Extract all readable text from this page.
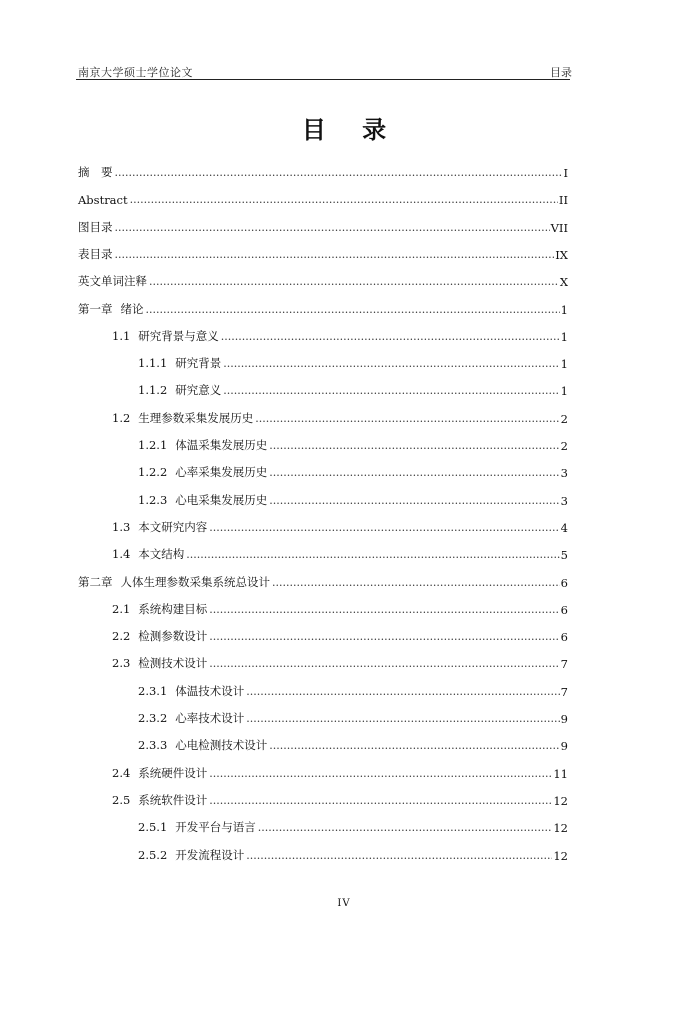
南京大学硕士学位论文	目录
目 录
摘　要 .....	I
Abstract .....	II
图目录 .....	VII
表目录 .....	IX
英文单词注释 .....	X
第一章 绪论 .....	1
1.1 研究背景与意义 .....	1
1.1.1 研究背景 .....	1
1.1.2 研究意义 .....	1
1.2 生理参数采集发展历史 .....	2
1.2.1 体温采集发展历史 .....	2
1.2.2 心率采集发展历史 .....	3
1.2.3 心电采集发展历史 .....	3
1.3 本文研究内容 .....	4
1.4 本文结构 .....	5
第二章 人体生理参数采集系统总设计 .....	6
2.1 系统构建目标 .....	6
2.2 检测参数设计 .....	6
2.3 检测技术设计 .....	7
2.3.1 体温技术设计 .....	7
2.3.2 心率技术设计 .....	9
2.3.3 心电检测技术设计 .....	9
2.4 系统硬件设计 .....	11
2.5 系统软件设计 .....	12
2.5.1 开发平台与语言 .....	12
2.5.2 开发流程设计 .....	12
IV
